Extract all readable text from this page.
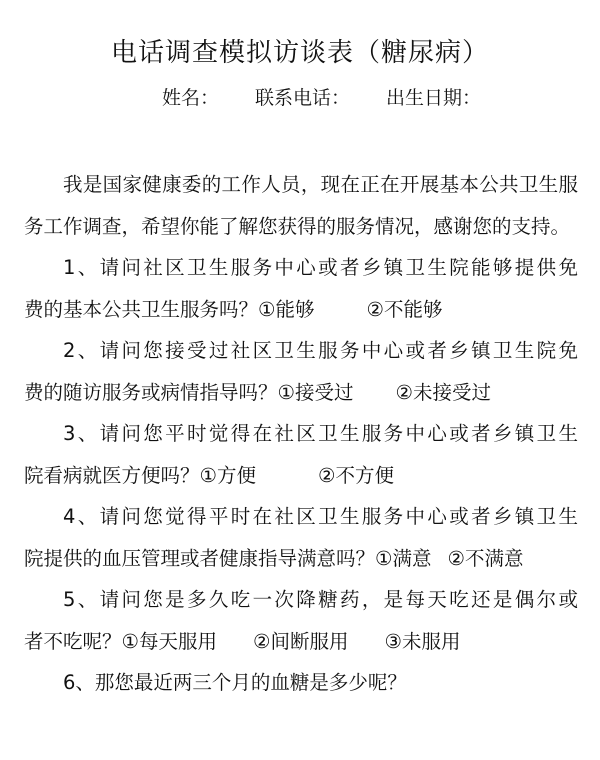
电话调查模拟访谈表（糖尿病）
姓名： 联系电话： 出生日期：

我是国家健康委的工作人员，现在正在开展基本公共卫生服务工作调查，希望你能了解您获得的服务情况，感谢您的支持。

1、请问社区卫生服务中心或者乡镇卫生院能够提供免
费的基本公共卫生服务吗？①能够	②不能够
2、请问您接受过社区卫生服务中心或者乡镇卫生院免
费的随访服务或病情指导吗？①接受过 ②未接受过
3、请问您平时觉得在社区卫生服务中心或者乡镇卫生
院看病就医方便吗？①方便	②不方便
4、请问您觉得平时在社区卫生服务中心或者乡镇卫生
院提供的血压管理或者健康指导满意吗？①满意 ②不满意
5、请问您是多久吃一次降糖药，是每天吃还是偶尔或
者不吃呢？①每天服用 ②间断服用 ③未服用
6、那您最近两三个月的血糖是多少呢？
